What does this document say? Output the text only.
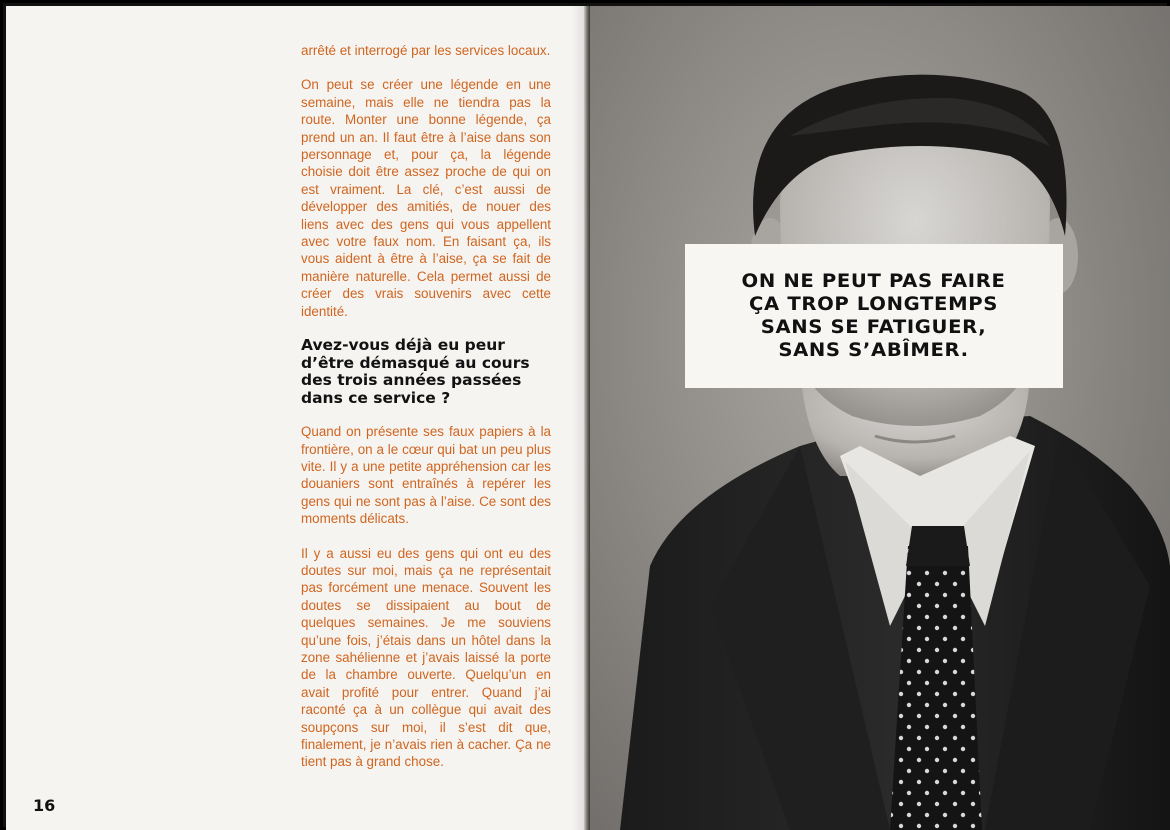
arrêté et interrogé par les services locaux.

On peut se créer une légende en une semaine, mais elle ne tiendra pas la route. Monter une bonne légende, ça prend un an. Il faut être à l’aise dans son personnage et, pour ça, la légende choisie doit être assez proche de qui on est vraiment. La clé, c’est aussi de développer des amitiés, de nouer des liens avec des gens qui vous appellent avec votre faux nom. En faisant ça, ils vous aident à être à l’aise, ça se fait de manière naturelle. Cela permet aussi de créer des vrais souvenirs avec cette identité.

Avez-vous déjà eu peur d’être démasqué au cours des trois années passées dans ce service ?

Quand on présente ses faux papiers à la frontière, on a le cœur qui bat un peu plus vite. Il y a une petite appréhension car les douaniers sont entraînés à repérer les gens qui ne sont pas à l’aise. Ce sont des moments délicats.

Il y a aussi eu des gens qui ont eu des doutes sur moi, mais ça ne représentait pas forcément une menace. Souvent les doutes se dissipaient au bout de quelques semaines. Je me souviens qu’une fois, j’étais dans un hôtel dans la zone sahélienne et j’avais laissé la porte de la chambre ouverte. Quelqu’un en avait profité pour entrer. Quand j’ai raconté ça à un collègue qui avait des soupçons sur moi, il s’est dit que, finalement, je n’avais rien à cacher. Ça ne tient pas à grand chose.

16
ON NE PEUT PAS FAIRE
ÇA TROP LONGTEMPS
SANS SE FATIGUER,
SANS S’ABÎMER.
